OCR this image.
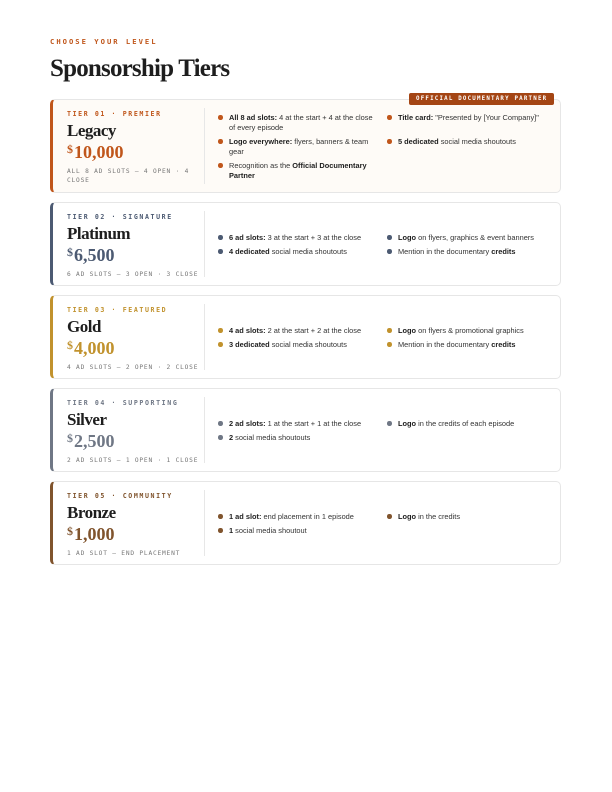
CHOOSE YOUR LEVEL
Sponsorship Tiers
TIER 01 · PREMIER
Legacy
$10,000
ALL 8 AD SLOTS — 4 OPEN · 4 CLOSE
All 8 ad slots: 4 at the start + 4 at the close of every episode
Logo everywhere: flyers, banners & team gear
Recognition as the Official Documentary Partner
Title card: "Presented by [Your Company]"
5 dedicated social media shoutouts
OFFICIAL DOCUMENTARY PARTNER
TIER 02 · SIGNATURE
Platinum
$6,500
6 AD SLOTS — 3 OPEN · 3 CLOSE
6 ad slots: 3 at the start + 3 at the close
4 dedicated social media shoutouts
Logo on flyers, graphics & event banners
Mention in the documentary credits
TIER 03 · FEATURED
Gold
$4,000
4 AD SLOTS — 2 OPEN · 2 CLOSE
4 ad slots: 2 at the start + 2 at the close
3 dedicated social media shoutouts
Logo on flyers & promotional graphics
Mention in the documentary credits
TIER 04 · SUPPORTING
Silver
$2,500
2 AD SLOTS — 1 OPEN · 1 CLOSE
2 ad slots: 1 at the start + 1 at the close
2 social media shoutouts
Logo in the credits of each episode
TIER 05 · COMMUNITY
Bronze
$1,000
1 AD SLOT — END PLACEMENT
1 ad slot: end placement in 1 episode
1 social media shoutout
Logo in the credits
